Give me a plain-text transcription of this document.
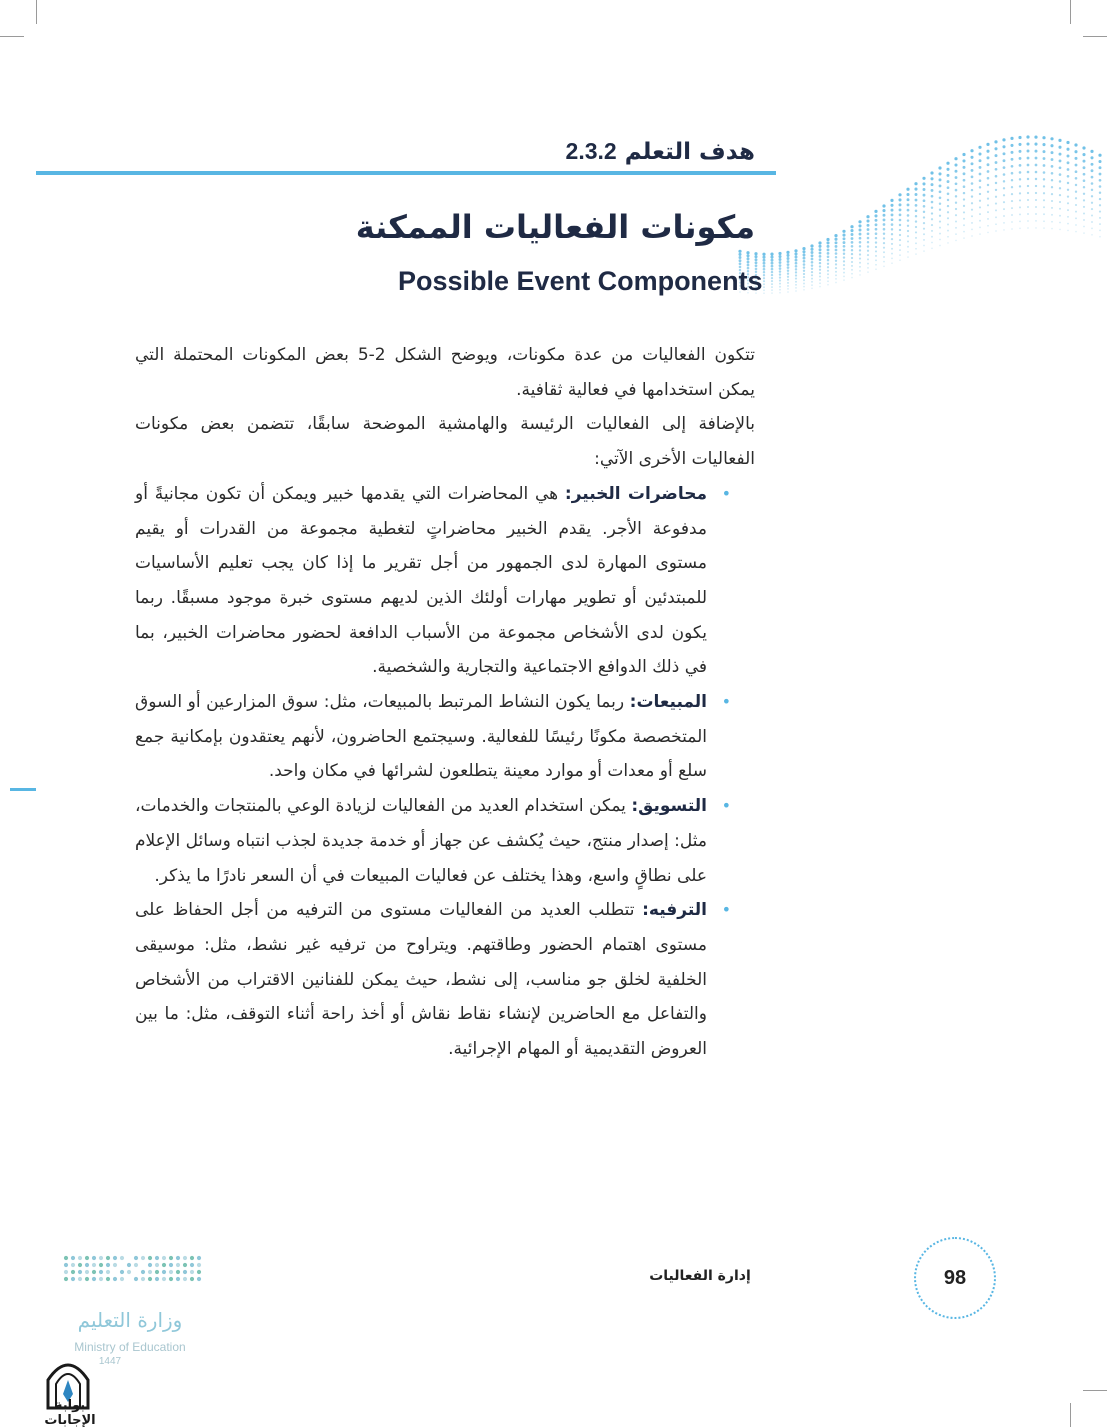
هدف التعلم 2.3.2
مكونات الفعاليات الممكنة
Possible Event Components

تتكون الفعاليات من عدة مكونات، ويوضح الشكل 2-5 بعض المكونات المحتملة التي يمكن استخدامها في فعالية ثقافية.

بالإضافة إلى الفعاليات الرئيسة والهامشية الموضحة سابقًا، تتضمن بعض مكونات الفعاليات الأخرى الآتي:

•
محاضرات الخبير: هي المحاضرات التي يقدمها خبير ويمكن أن تكون مجانيةً أو مدفوعة الأجر. يقدم الخبير محاضراتٍ لتغطية مجموعة من القدرات أو يقيم مستوى المهارة لدى الجمهور من أجل تقرير ما إذا كان يجب تعليم الأساسيات للمبتدئين أو تطوير مهارات أولئك الذين لديهم مستوى خبرة موجود مسبقًا. ربما يكون لدى الأشخاص مجموعة من الأسباب الدافعة لحضور محاضرات الخبير، بما في ذلك الدوافع الاجتماعية والتجارية والشخصية.
•
المبيعات: ربما يكون النشاط المرتبط بالمبيعات، مثل: سوق المزارعين أو السوق المتخصصة مكونًا رئيسًا للفعالية. وسيجتمع الحاضرون، لأنهم يعتقدون بإمكانية جمع سلع أو معدات أو موارد معينة يتطلعون لشرائها في مكان واحد.
•
التسويق: يمكن استخدام العديد من الفعاليات لزيادة الوعي بالمنتجات والخدمات، مثل: إصدار منتج، حيث يُكشف عن جهاز أو خدمة جديدة لجذب انتباه وسائل الإعلام على نطاقٍ واسع، وهذا يختلف عن فعاليات المبيعات في أن السعر نادرًا ما يذكر.
•
الترفيه: تتطلب العديد من الفعاليات مستوى من الترفيه من أجل الحفاظ على مستوى اهتمام الحضور وطاقتهم. ويتراوح من ترفيه غير نشط، مثل: موسيقى الخلفية لخلق جو مناسب، إلى نشط، حيث يمكن للفنانين الاقتراب من الأشخاص والتفاعل مع الحاضرين لإنشاء نقاط نقاش أو أخذ راحة أثناء التوقف، مثل: ما بين العروض التقديمية أو المهام الإجرائية.
98
إدارة الفعاليات
وزارة التعليم
Ministry of Education
1447
بوابة الإجابات
